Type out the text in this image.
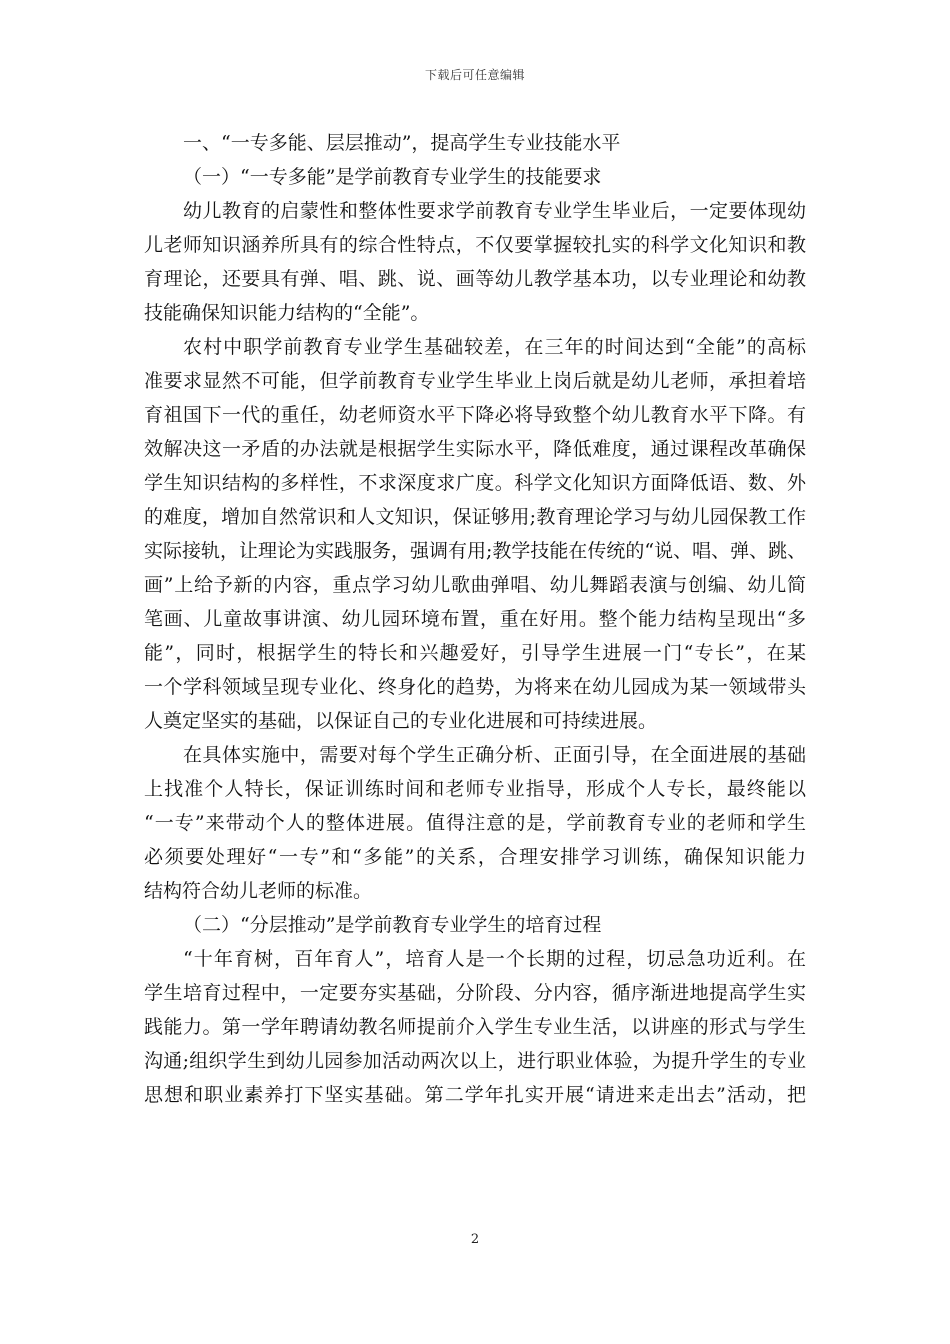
下载后可任意编辑
一、“一专多能、层层推动”，提高学生专业技能水平
（一）“一专多能”是学前教育专业学生的技能要求
幼儿教育的启蒙性和整体性要求学前教育专业学生毕业后，一定要体现幼
儿老师知识涵养所具有的综合性特点，不仅要掌握较扎实的科学文化知识和教
育理论，还要具有弹、唱、跳、说、画等幼儿教学基本功，以专业理论和幼教
技能确保知识能力结构的“全能”。
农村中职学前教育专业学生基础较差，在三年的时间达到“全能”的高标
准要求显然不可能，但学前教育专业学生毕业上岗后就是幼儿老师，承担着培
育祖国下一代的重任，幼老师资水平下降必将导致整个幼儿教育水平下降。有
效解决这一矛盾的办法就是根据学生实际水平，降低难度，通过课程改革确保
学生知识结构的多样性，不求深度求广度。科学文化知识方面降低语、数、外
的难度，增加自然常识和人文知识，保证够用;教育理论学习与幼儿园保教工作
实际接轨，让理论为实践服务，强调有用;教学技能在传统的“说、唱、弹、跳、
画”上给予新的内容，重点学习幼儿歌曲弹唱、幼儿舞蹈表演与创编、幼儿简
笔画、儿童故事讲演、幼儿园环境布置，重在好用。整个能力结构呈现出“多
能”，同时，根据学生的特长和兴趣爱好，引导学生进展一门“专长”，在某
一个学科领域呈现专业化、终身化的趋势，为将来在幼儿园成为某一领域带头
人奠定坚实的基础，以保证自己的专业化进展和可持续进展。
在具体实施中，需要对每个学生正确分析、正面引导，在全面进展的基础
上找准个人特长，保证训练时间和老师专业指导，形成个人专长，最终能以
“一专”来带动个人的整体进展。值得注意的是，学前教育专业的老师和学生
必须要处理好“一专”和“多能”的关系，合理安排学习训练，确保知识能力
结构符合幼儿老师的标准。
（二）“分层推动”是学前教育专业学生的培育过程
“十年育树，百年育人”，培育人是一个长期的过程，切忌急功近利。在
学生培育过程中，一定要夯实基础，分阶段、分内容，循序渐进地提高学生实
践能力。第一学年聘请幼教名师提前介入学生专业生活，以讲座的形式与学生
沟通;组织学生到幼儿园参加活动两次以上，进行职业体验，为提升学生的专业
思想和职业素养打下坚实基础。第二学年扎实开展“请进来走出去”活动，把
2
